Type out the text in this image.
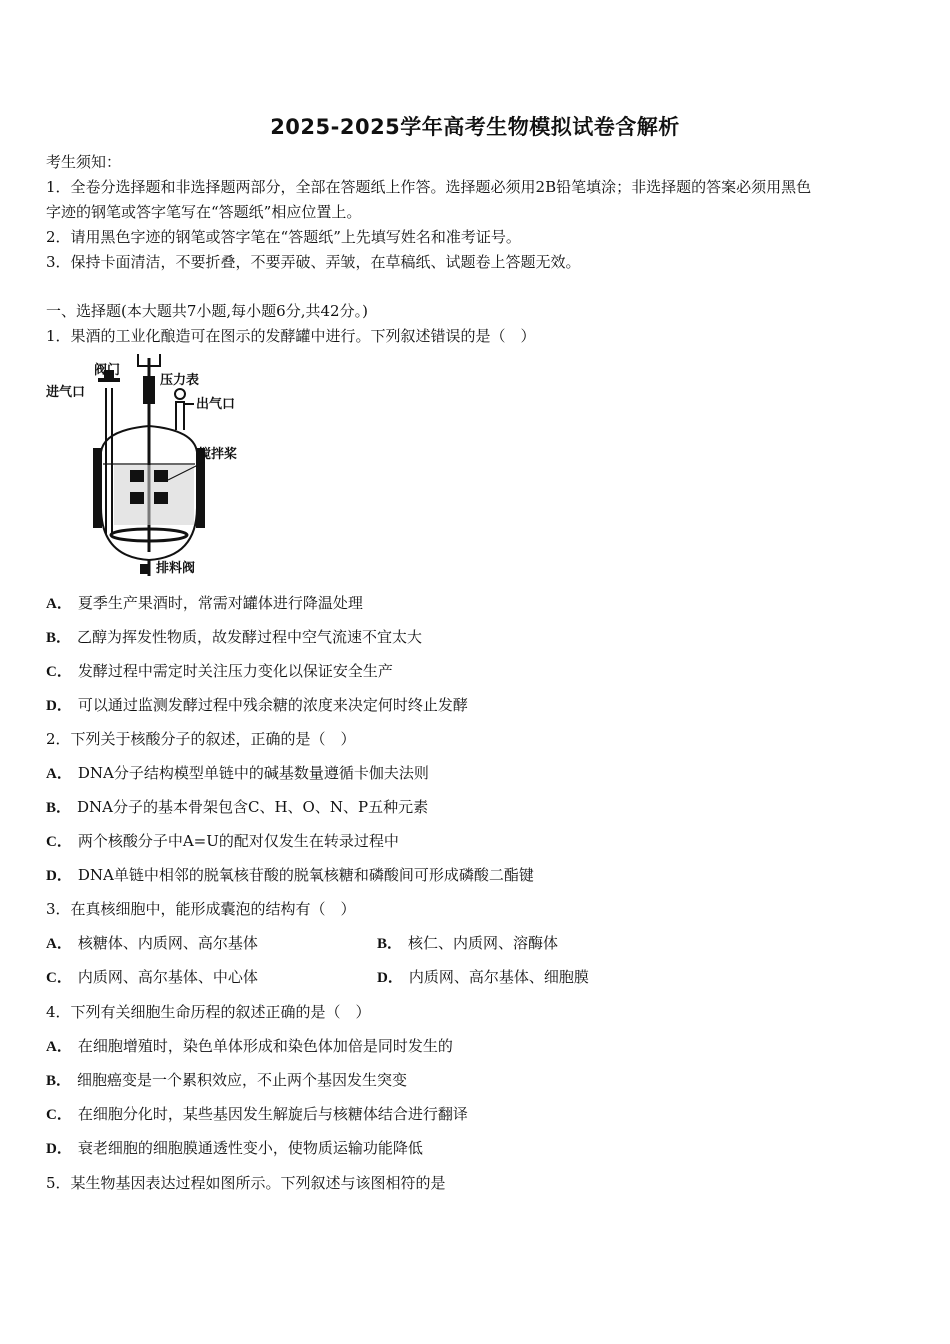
2025-2025学年高考生物模拟试卷含解析
考生须知：
1．全卷分选择题和非选择题两部分，全部在答题纸上作答。选择题必须用2B铅笔填涂；非选择题的答案必须用黑色
字迹的钢笔或答字笔写在“答题纸”相应位置上。
2．请用黑色字迹的钢笔或答字笔在“答题纸”上先填写姓名和准考证号。
3．保持卡面清洁，不要折叠，不要弄破、弄皱，在草稿纸、试题卷上答题无效。
一、选择题(本大题共7小题,每小题6分,共42分。)
1．果酒的工业化酿造可在图示的发酵罐中进行。下列叙述错误的是（　）
阀门
进气口
压力表
出气口
搅拌桨
排料阀
A． 夏季生产果酒时，常需对罐体进行降温处理
B． 乙醇为挥发性物质，故发酵过程中空气流速不宜太大
C． 发酵过程中需定时关注压力变化以保证安全生产
D． 可以通过监测发酵过程中残余糖的浓度来决定何时终止发酵
2．下列关于核酸分子的叙述，正确的是（　）
A． DNA分子结构模型单链中的碱基数量遵循卡伽夫法则
B． DNA分子的基本骨架包含C、H、O、N、P五种元素
C． 两个核酸分子中A=U的配对仅发生在转录过程中
D． DNA单链中相邻的脱氧核苷酸的脱氧核糖和磷酸间可形成磷酸二酯键
3．在真核细胞中，能形成囊泡的结构有（　）
A． 核糖体、内质网、高尔基体	B． 核仁、内质网、溶酶体
C． 内质网、高尔基体、中心体	D． 内质网、高尔基体、细胞膜
4．下列有关细胞生命历程的叙述正确的是（　）
A． 在细胞增殖时，染色单体形成和染色体加倍是同时发生的
B． 细胞癌变是一个累积效应，不止两个基因发生突变
C． 在细胞分化时，某些基因发生解旋后与核糖体结合进行翻译
D． 衰老细胞的细胞膜通透性变小，使物质运输功能降低
5．某生物基因表达过程如图所示。下列叙述与该图相符的是
